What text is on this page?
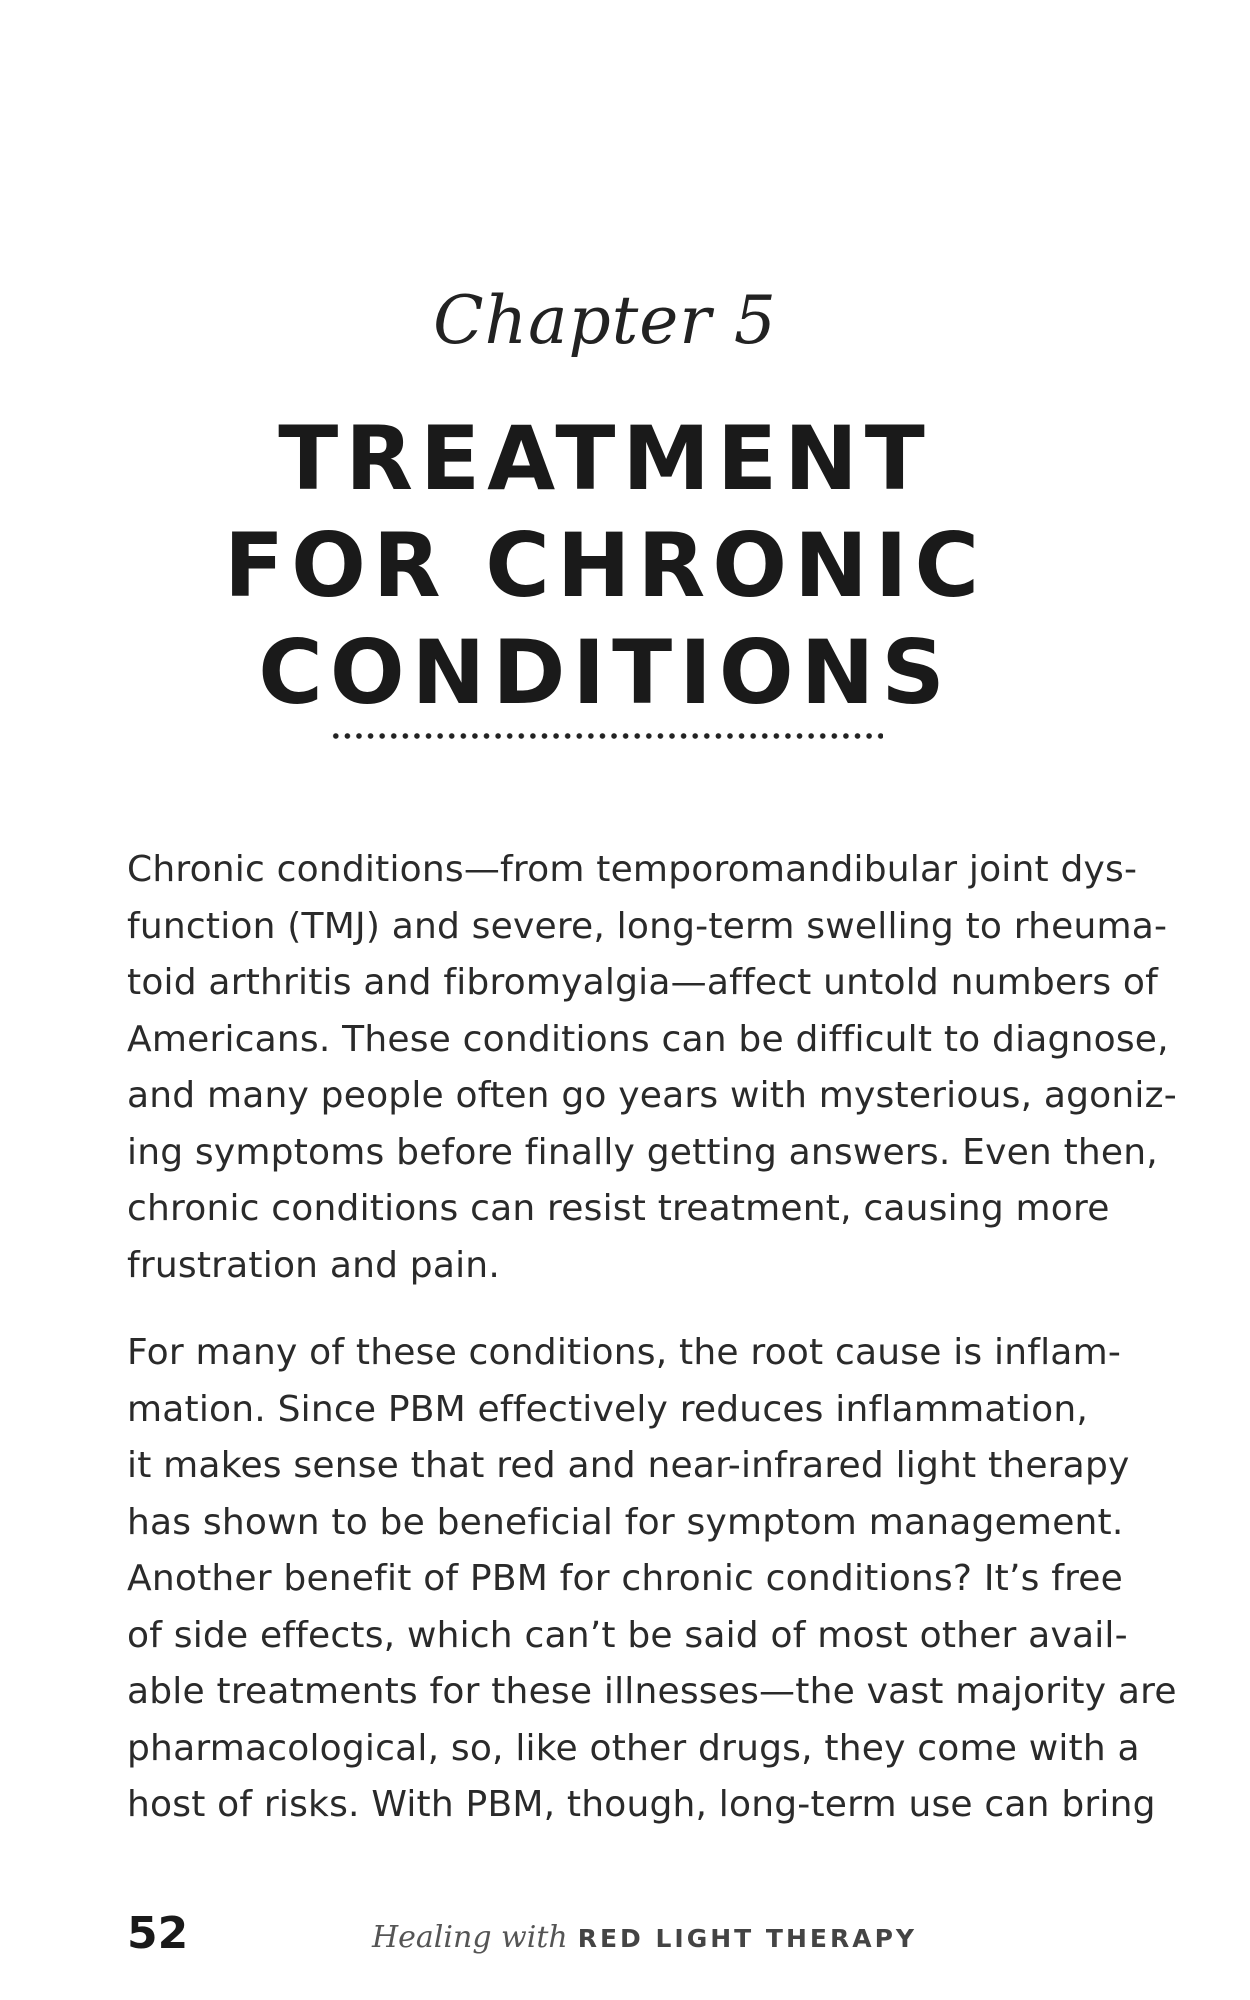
Chapter 5
TREATMENT
FOR CHRONIC
CONDITIONS
Chronic conditions—from temporomandibular joint dys-
function (TMJ) and severe, long-term swelling to rheuma-
toid arthritis and fibromyalgia—affect untold numbers of
Americans. These conditions can be difficult to diagnose,
and many people often go years with mysterious, agoniz-
ing symptoms before finally getting answers. Even then,
chronic conditions can resist treatment, causing more
frustration and pain.
For many of these conditions, the root cause is inflam-
mation. Since PBM effectively reduces inflammation,
it makes sense that red and near-infrared light therapy
has shown to be beneficial for symptom management.
Another benefit of PBM for chronic conditions? It’s free
of side effects, which can’t be said of most other avail-
able treatments for these illnesses—the vast majority are
pharmacological, so, like other drugs, they come with a
host of risks. With PBM, though, long-term use can bring
52	Healing with RED LIGHT THERAPY
